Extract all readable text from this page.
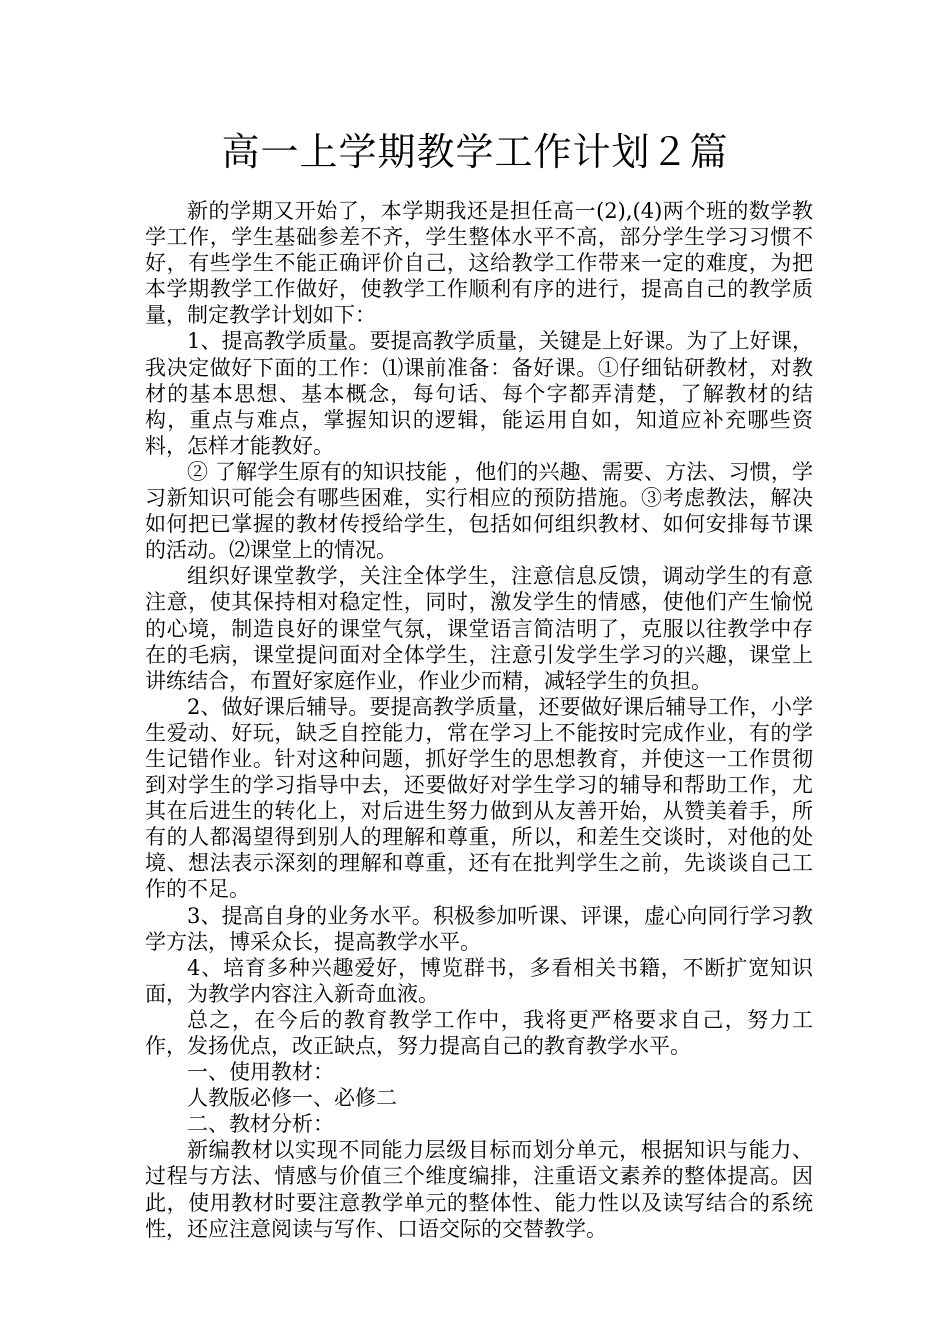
高一上学期教学工作计划２篇

新的学期又开始了，本学期我还是担任高一(2),(4)两个班的数学教学工作，学生基础参差不齐，学生整体水平不高，部分学生学习习惯不好，有些学生不能正确评价自己，这给教学工作带来一定的难度，为把本学期教学工作做好，使教学工作顺利有序的进行，提高自己的教学质量，制定教学计划如下：

1、提高教学质量。要提高教学质量，关键是上好课。为了上好课，我决定做好下面的工作：⑴课前准备：备好课。①仔细钻研教材，对教材的基本思想、基本概念，每句话、每个字都弄清楚，了解教材的结构，重点与难点，掌握知识的逻辑，能运用自如，知道应补充哪些资料，怎样才能教好。

② 了解学生原有的知识技能 ，他们的兴趣、需要、方法、习惯，学习新知识可能会有哪些困难，实行相应的预防措施。③考虑教法，解决如何把已掌握的教材传授给学生，包括如何组织教材、如何安排每节课的活动。⑵课堂上的情况。

组织好课堂教学，关注全体学生，注意信息反馈，调动学生的有意注意，使其保持相对稳定性，同时，激发学生的情感，使他们产生愉悦的心境，制造良好的课堂气氛，课堂语言简洁明了，克服以往教学中存在的毛病，课堂提问面对全体学生，注意引发学生学习的兴趣，课堂上讲练结合，布置好家庭作业，作业少而精，减轻学生的负担。

2、做好课后辅导。要提高教学质量，还要做好课后辅导工作，小学生爱动、好玩，缺乏自控能力，常在学习上不能按时完成作业，有的学生记错作业。针对这种问题，抓好学生的思想教育，并使这一工作贯彻到对学生的学习指导中去，还要做好对学生学习的辅导和帮助工作，尤其在后进生的转化上，对后进生努力做到从友善开始，从赞美着手，所有的人都渴望得到别人的理解和尊重，所以，和差生交谈时，对他的处境、想法表示深刻的理解和尊重，还有在批判学生之前，先谈谈自己工作的不足。

3、提高自身的业务水平。积极参加听课、评课，虚心向同行学习教学方法，博采众长，提高教学水平。

4、培育多种兴趣爱好，博览群书，多看相关书籍，不断扩宽知识面，为教学内容注入新奇血液。

总之，在今后的教育教学工作中，我将更严格要求自己，努力工作，发扬优点，改正缺点，努力提高自己的教育教学水平。

一、使用教材：

人教版必修一、必修二

二、教材分析：

新编教材以实现不同能力层级目标而划分单元，根据知识与能力、过程与方法、情感与价值三个维度编排，注重语文素养的整体提高。因此，使用教材时要注意教学单元的整体性、能力性以及读写结合的系统性，还应注意阅读与写作、口语交际的交替教学。
